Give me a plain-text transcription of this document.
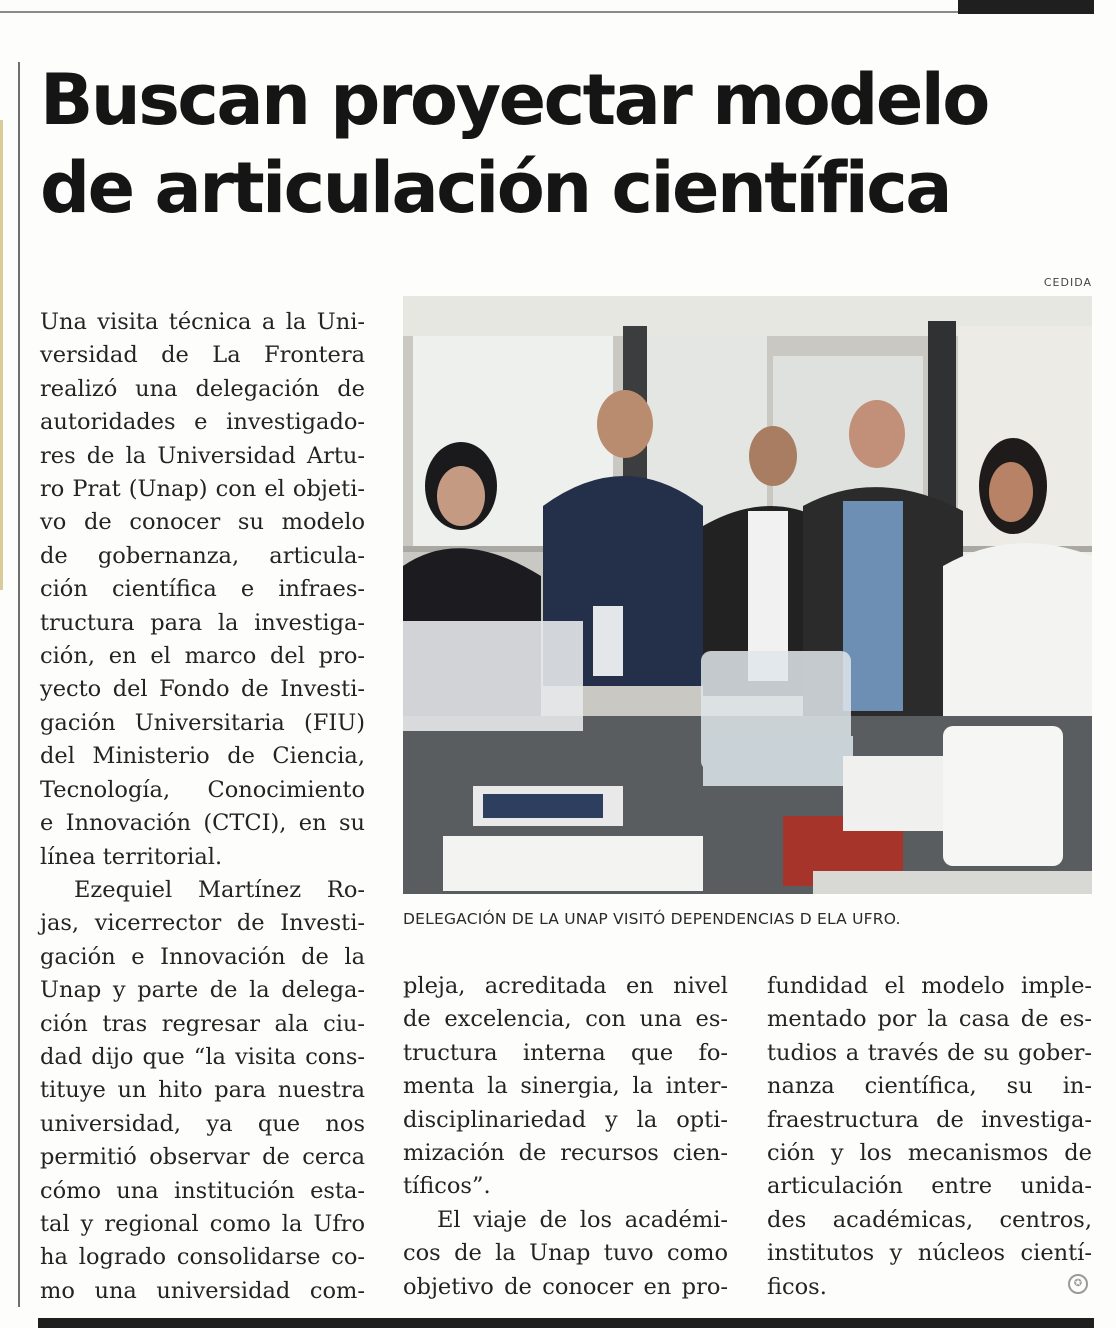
Buscan proyectar modelo
de articulación científica
CEDIDA
DELEGACIÓN DE LA UNAP VISITÓ DEPENDENCIAS D ELA UFRO.

Una visita técnica a la Uni-
versidad de La Frontera
realizó una delegación de
autoridades e investigado-
res de la Universidad Artu-
ro Prat (Unap) con el objeti-
vo de conocer su modelo
de gobernanza, articula-
ción científica e infraes-
tructura para la investiga-
ción, en el marco del pro-
yecto del Fondo de Investi-
gación Universitaria (FIU)
del Ministerio de Ciencia,
Tecnología, Conocimiento
e Innovación (CTCI), en su
línea territorial.

Ezequiel Martínez Ro-
jas, vicerrector de Investi-
gación e Innovación de la
Unap y parte de la delega-
ción tras regresar ala ciu-
dad dijo que “la visita cons-
tituye un hito para nuestra
universidad, ya que nos
permitió observar de cerca
cómo una institución esta-
tal y regional como la Ufro
ha logrado consolidarse co-
mo una universidad com-

pleja, acreditada en nivel
de excelencia, con una es-
tructura interna que fo-
menta la sinergia, la inter-
disciplinariedad y la opti-
mización de recursos cien-
tíficos”.

El viaje de los académi-
cos de la Unap tuvo como
objetivo de conocer en pro-

fundidad el modelo imple-
mentado por la casa de es-
tudios a través de su gober-
nanza científica, su in-
fraestructura de investiga-
ción y los mecanismos de
articulación entre unida-
des académicas, centros,
institutos y núcleos cientí-
ficos.	✪
